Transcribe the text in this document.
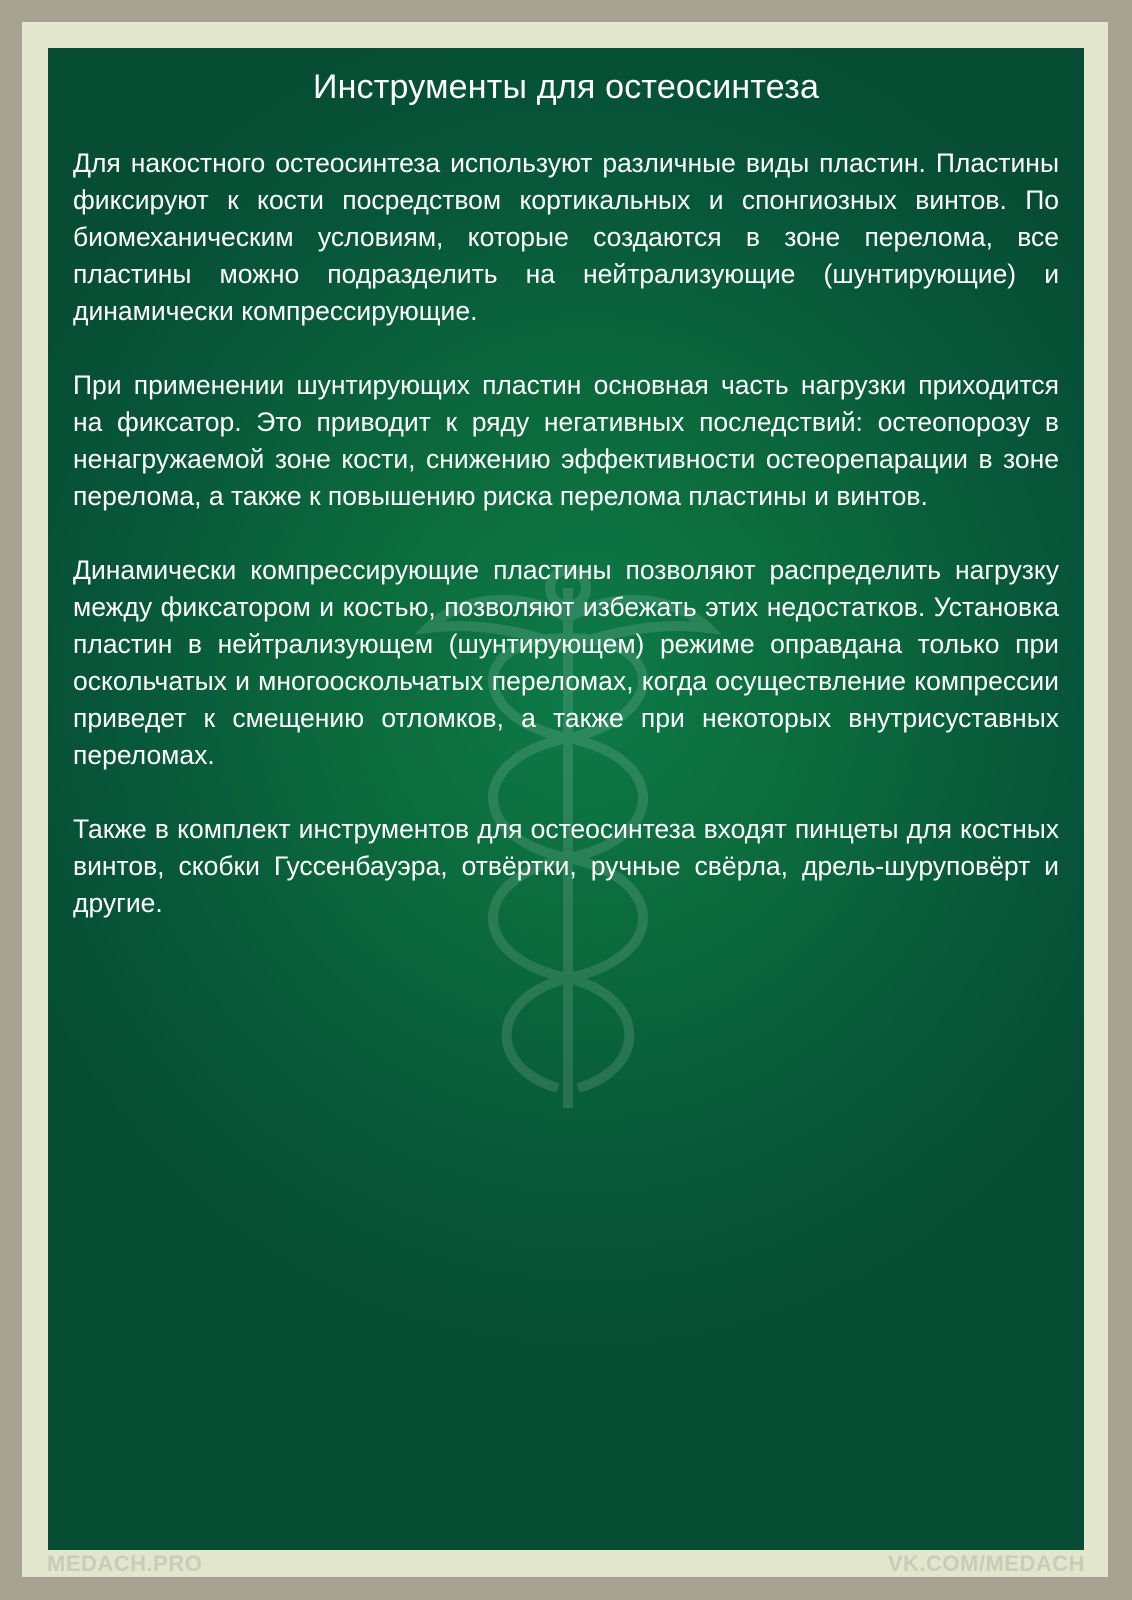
Инструменты для остеосинтеза

Для накостного остеосинтеза используют различные виды пластин. Пластины фиксируют к кости посредством кортикальных и спонгиозных винтов. По биомеханическим условиям, которые создаются в зоне перелома, все пластины можно подразделить на нейтрализующие (шунтирующие) и динамически компрессирующие.

При применении шунтирующих пластин основная часть нагрузки приходится на фиксатор. Это приводит к ряду негативных последствий: остеопорозу в ненагружаемой зоне кости, снижению эффективности остеорепарации в зоне перелома, а также к повышению риска перелома пластины и винтов.

Динамически компрессирующие пластины позволяют распределить нагрузку между фиксатором и костью, позволяют избежать этих недостатков. Установка пластин в нейтрализующем (шунтирующем) режиме оправдана только при оскольчатых и многооскольчатых переломах, когда осуществление компрессии приведет к смещению отломков, а также при некоторых внутрисуставных переломах.

Также в комплект инструментов для остеосинтеза входят пинцеты для костных винтов, скобки Гуссенбауэра, отвёртки, ручные свёрла, дрель-шуруповёрт и другие.

MEDACH.PRO	VK.COM/MEDACH
